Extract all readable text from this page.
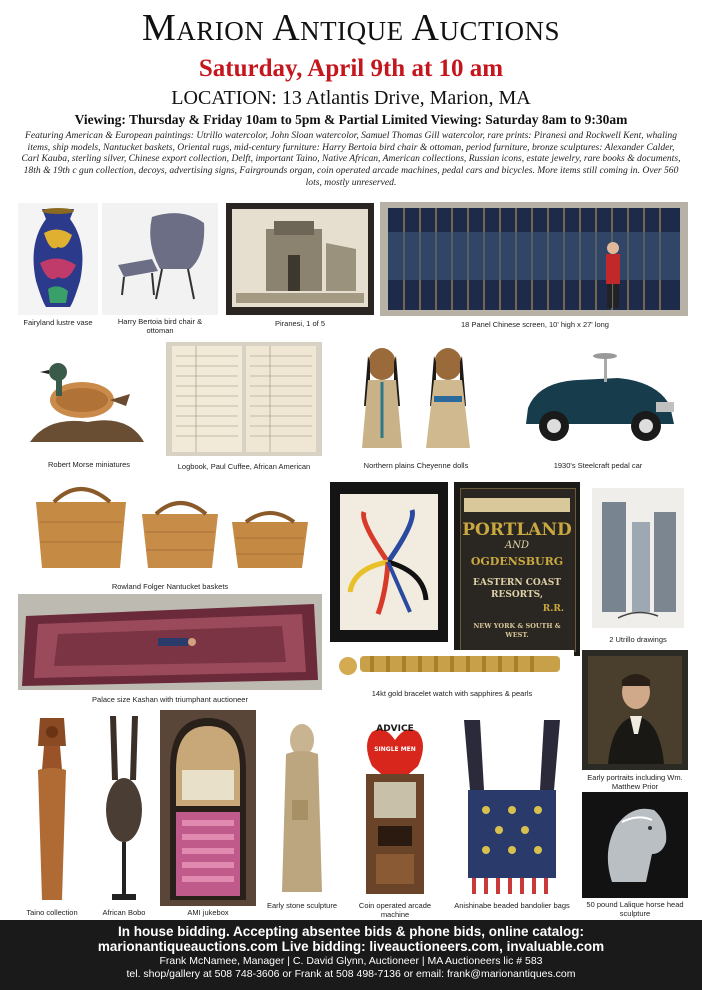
Marion Antique Auctions
Saturday, April 9th at 10 am
LOCATION: 13 Atlantis Drive, Marion, MA
Viewing: Thursday & Friday 10am to 5pm & Partial Limited Viewing: Saturday 8am to 9:30am
Featuring American & European paintings: Utrillo watercolor, John Sloan watercolor, Samuel Thomas Gill watercolor, rare prints: Piranesi and Rockwell Kent, whaling items, ship models, Nantucket baskets, Oriental rugs, mid-century furniture: Harry Bertoia bird chair & ottoman, period furniture, bronze sculptures: Alexander Calder, Carl Kauba, sterling silver, Chinese export collection, Delft, important Taino, Native African, American collections, Russian icons, estate jewelry, rare books & documents, 18th & 19th c gun collection, decoys, advertising signs, Fairgrounds organ, coin operated arcade machines, pedal cars and bicycles. More items still coming in. Over 560 lots, mostly unreserved.
Fairyland lustre vase	Harry Bertoia bird chair & ottoman
Piranesi, 1 of 5	18 Panel Chinese screen, 10' high x 27' long
Robert Morse miniatures	Logbook, Paul Cuffee, African American	Northern plains Cheyenne dolls	1930's Steelcraft pedal car
Rowland Folger Nantucket baskets
Palace size Kashan with triumphant auctioneer
PORTLAND
AND
OGDENSBURG
EASTERN COAST
RESORTS,
R.R.
NEW YORK & SOUTH & WEST.	2 Utrillo drawings
14kt gold bracelet watch with sapphires & pearls
Early portraits including Wm. Matthew Prior
Taino collection	African Bobo	AMI jukebox
Early stone sculpture
ADVICE
SINGLE MEN
Coin operated arcade machine
Anishinabe beaded bandolier bags	50 pound Lalique horse head sculpture
In house bidding. Accepting absentee bids & phone bids, online catalog:
marionantiqueauctions.com Live bidding: liveauctioneers.com, invaluable.com
Frank McNamee, Manager | C. David Glynn, Auctioneer | MA Auctioneers lic # 583
tel. shop/gallery at 508 748-3606 or Frank at 508 498-7136 or email: frank@marionantiques.com
